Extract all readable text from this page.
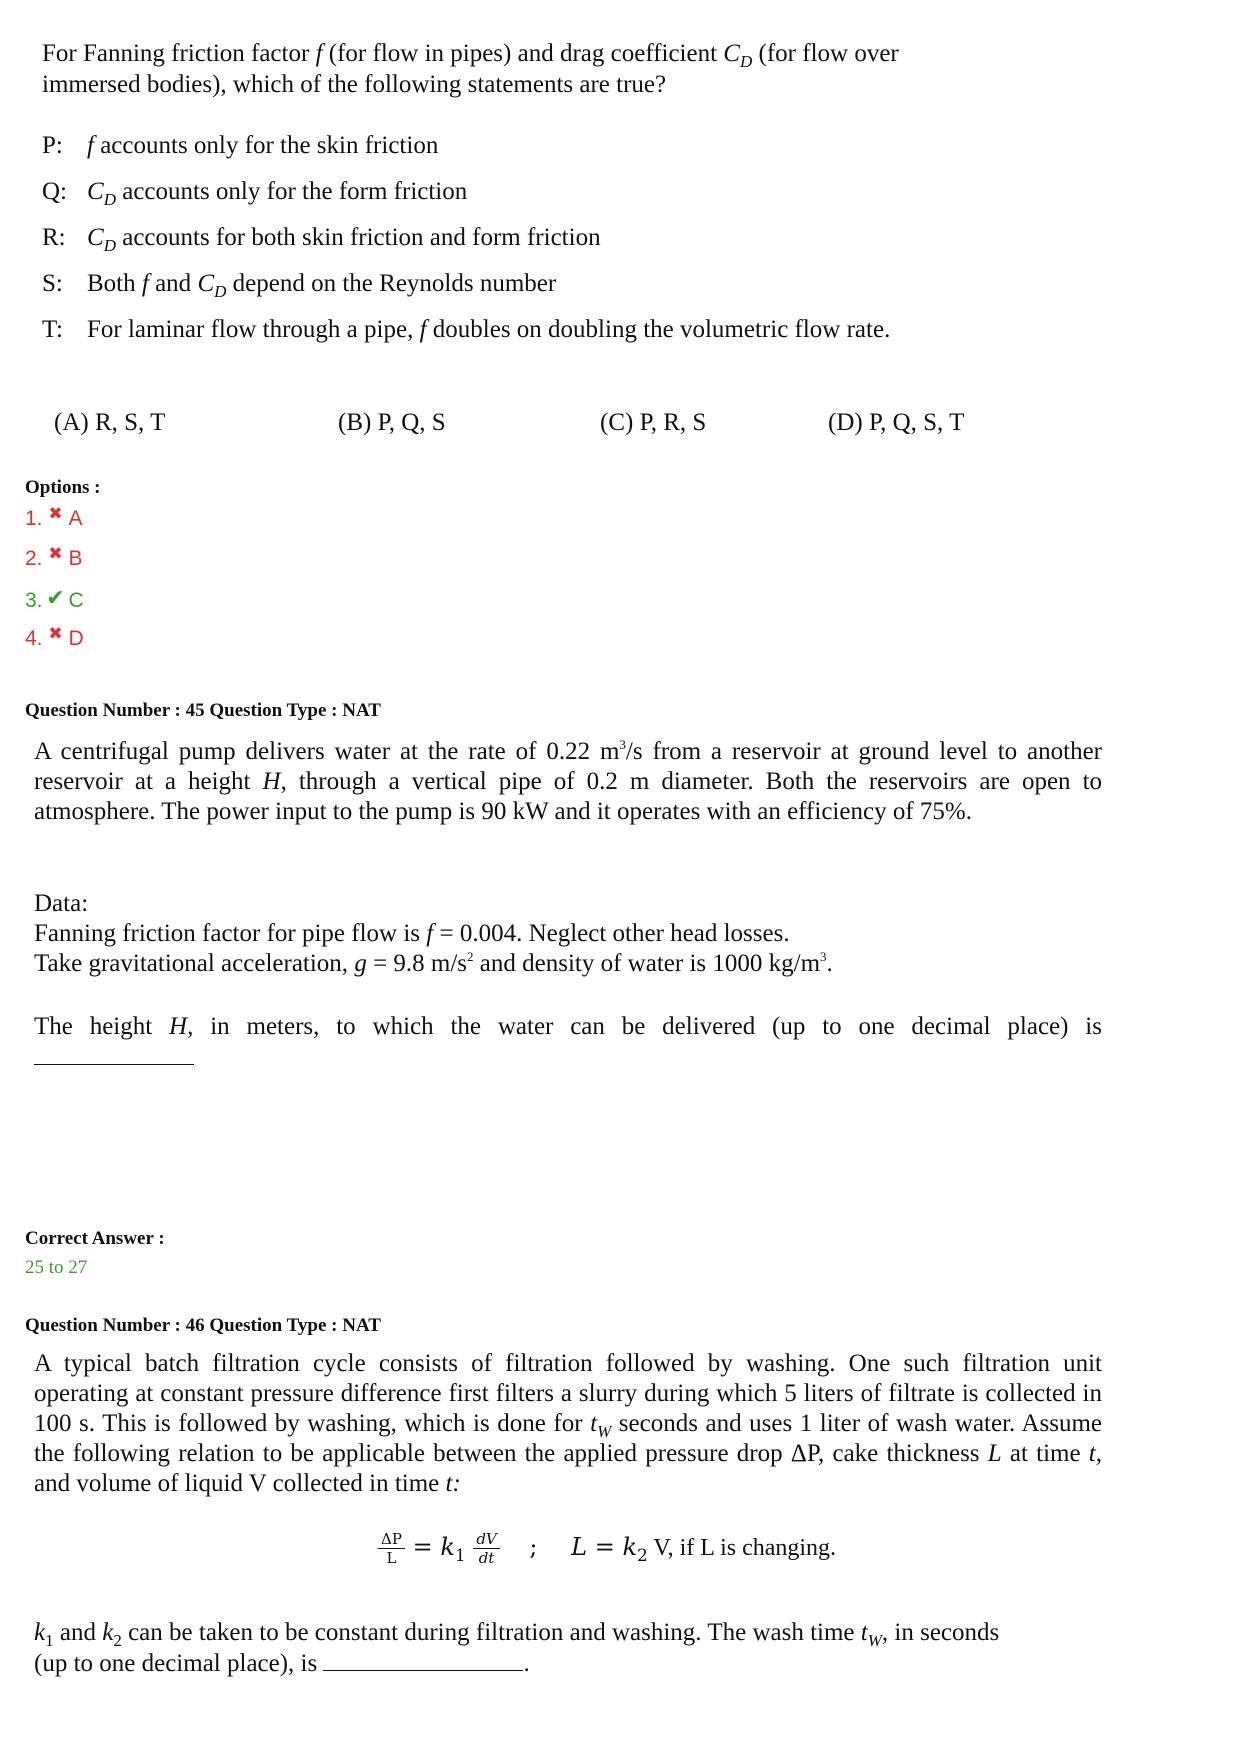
For Fanning friction factor f (for flow in pipes) and drag coefficient $C_D$ (for flow over
immersed bodies), which of the following statements are true?
P: f accounts only for the skin friction
Q: $C_D$ accounts only for the form friction
R: $C_D$ accounts for both skin friction and form friction
S: Both f and $C_D$ depend on the Reynolds number
T: For laminar flow through a pipe, f doubles on doubling the volumetric flow rate.
(A) R, S, T	(B) P, Q, S	(C) P, R, S	(D) P, Q, S, T
Options :
1. ✖ A
2. ✖ B
3. ✔ C
4. ✖ D
Question Number : 45 Question Type : NAT
A centrifugal pump delivers water at the rate of 0.22 $m^3/s$ from a reservoir at ground level to another reservoir at a height H, through a vertical pipe of 0.2 m diameter. Both the reservoirs are open to atmosphere. The power input to the pump is 90 kW and it operates with an efficiency of 75%.
Data:
Fanning friction factor for pipe flow is f = 0.004. Neglect other head losses.
Take gravitational acceleration, g = 9.8 $m/s^2$ and density of water is 1000 $kg/m^3$.
The height H, in meters, to which the water can be delivered (up to one decimal place) is
Correct Answer :
25 to 27
Question Number : 46 Question Type : NAT
A typical batch filtration cycle consists of filtration followed by washing. One such filtration unit operating at constant pressure difference first filters a slurry during which 5 liters of filtrate is collected in 100 s. This is followed by washing, which is done for $t_W$ seconds and uses 1 liter of wash water. Assume the following relation to be applicable between the applied pressure drop ΔP, cake thickness L at time t, and volume of liquid V collected in time t:
$\frac{\Delta P}{L} = k_1 \frac{dV}{dt}$ ; $L = k_2$ V, if L is changing.
$k_1$ and $k_2$ can be taken to be constant during filtration and washing. The wash time $t_W$, in seconds
(up to one decimal place), is	.
